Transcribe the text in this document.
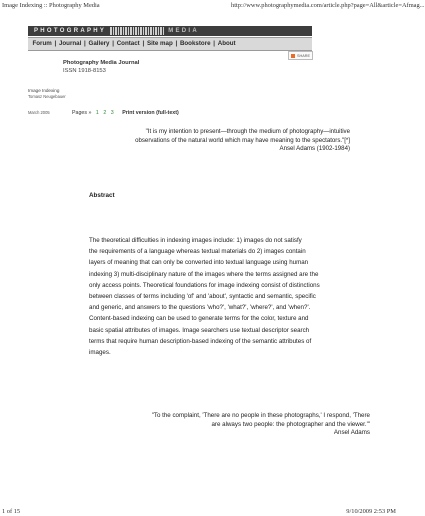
Image Indexing :: Photography Media	http://www.photographymedia.com/article.php?page=All&article=Afmag...
PHOTOGRAPHY	MEDIA
Forum | Journal | Gallery | Contact | Site map | Bookstore | About
SHARE
Photography Media Journal
ISSN 1918-8153
Image Indexing
Tomasz Neugebauer
March 2005	Pages » 1 2 3 Print version (full-text)
"It is my intention to present—through the medium of photography—intuitive
observations of the natural world which may have meaning to the spectators."[*]
Ansel Adams (1902-1984)
Abstract
The theoretical difficulties in indexing images include: 1) images do not satisfy
the requirements of a language whereas textual materials do 2) images contain
layers of meaning that can only be converted into textual language using human
indexing 3) multi-disciplinary nature of the images where the terms assigned are the
only access points. Theoretical foundations for image indexing consist of distinctions
between classes of terms including 'of' and 'about', syntactic and semantic, specific
and generic, and answers to the questions 'who?', 'what?', 'where?', and 'when?'.
Content-based indexing can be used to generate terms for the color, texture and
basic spatial attributes of images. Image searchers use textual descriptor search
terms that require human description-based indexing of the semantic attributes of
images.
"To the complaint, 'There are no people in these photographs,' I respond, 'There
are always two people: the photographer and the viewer.'"
Ansel Adams
1 of 15	9/10/2009 2:53 PM
